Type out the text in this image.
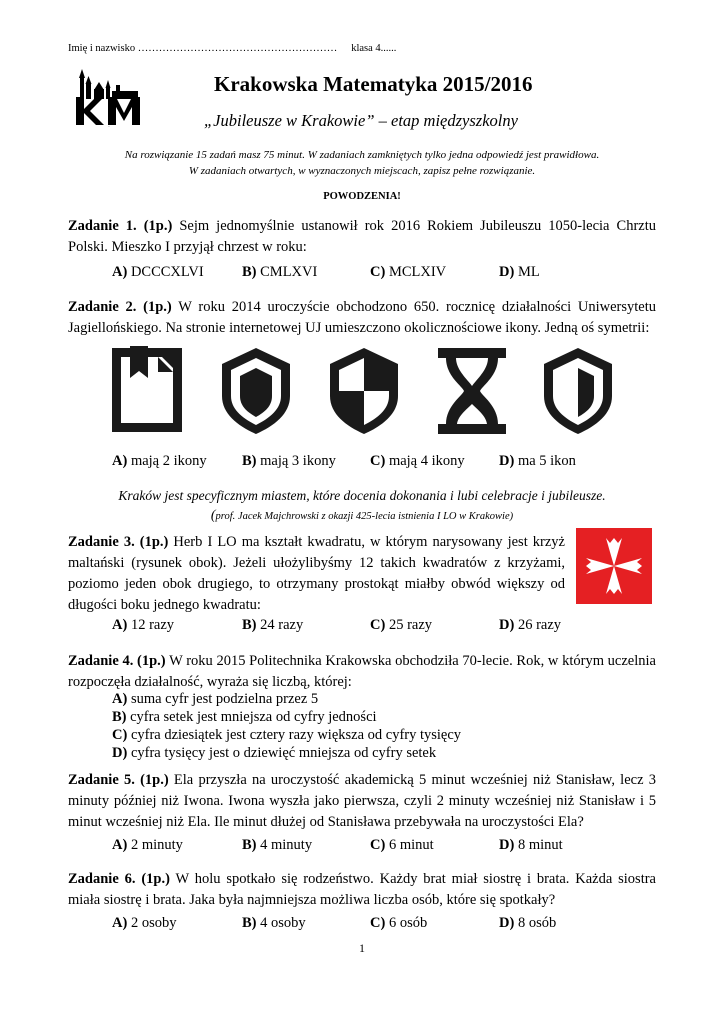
Imię i nazwisko ………………………………………………… klasa 4......
KM
Krakowska Matematyka 2015/2016
„Jubileusze w Krakowie” – etap międzyszkolny
Na rozwiązanie 15 zadań masz 75 minut. W zadaniach zamkniętych tylko jedna odpowiedź jest prawidłowa.
W zadaniach otwartych, w wyznaczonych miejscach, zapisz pełne rozwiązanie.
POWODZENIA!
Zadanie 1. (1p.) Sejm jednomyślnie ustanowił rok 2016 Rokiem Jubileuszu 1050-lecia Chrztu Polski. Mieszko I przyjął chrzest w roku:
A) DCCCXLVI	B) CMLXVI	C) MCLXIV	D) ML
Zadanie 2. (1p.) W roku 2014 uroczyście obchodzono 650. rocznicę działalności Uniwersytetu Jagiellońskiego. Na stronie internetowej UJ umieszczono okolicznościowe ikony. Jedną oś symetrii:
A) mają 2 ikony B) mają 3 ikony C) mają 4 ikony D) ma 5 ikon
Kraków jest specyficznym miastem, które docenia dokonania i lubi celebracje i jubileusze.
(prof. Jacek Majchrowski z okazji 425-lecia istnienia I LO w Krakowie)
Zadanie 3. (1p.) Herb I LO ma kształt kwadratu, w którym narysowany jest krzyż maltański (rysunek obok). Jeżeli ułożylibyśmy 12 takich kwadratów z krzyżami, poziomo jeden obok drugiego, to otrzymany prostokąt miałby obwód większy od długości boku jednego kwadratu:
A) 12 razy	B) 24 razy	C) 25 razy	D) 26 razy
Zadanie 4. (1p.) W roku 2015 Politechnika Krakowska obchodziła 70-lecie. Rok, w którym uczelnia rozpoczęła działalność, wyraża się liczbą, której:
A) suma cyfr jest podzielna przez 5
B) cyfra setek jest mniejsza od cyfry jedności
C) cyfra dziesiątek jest cztery razy większa od cyfry tysięcy
D) cyfra tysięcy jest o dziewięć mniejsza od cyfry setek
Zadanie 5. (1p.) Ela przyszła na uroczystość akademicką 5 minut wcześniej niż Stanisław, lecz 3 minuty później niż Iwona. Iwona wyszła jako pierwsza, czyli 2 minuty wcześniej niż Stanisław i 5 minut wcześniej niż Ela. Ile minut dłużej od Stanisława przebywała na uroczystości Ela?
A) 2 minuty	B) 4 minuty	C) 6 minut	D) 8 minut
Zadanie 6. (1p.) W holu spotkało się rodzeństwo. Każdy brat miał siostrę i brata. Każda siostra miała siostrę i brata. Jaka była najmniejsza możliwa liczba osób, które się spotkały?
A) 2 osoby	B) 4 osoby	C) 6 osób	D) 8 osób
1
